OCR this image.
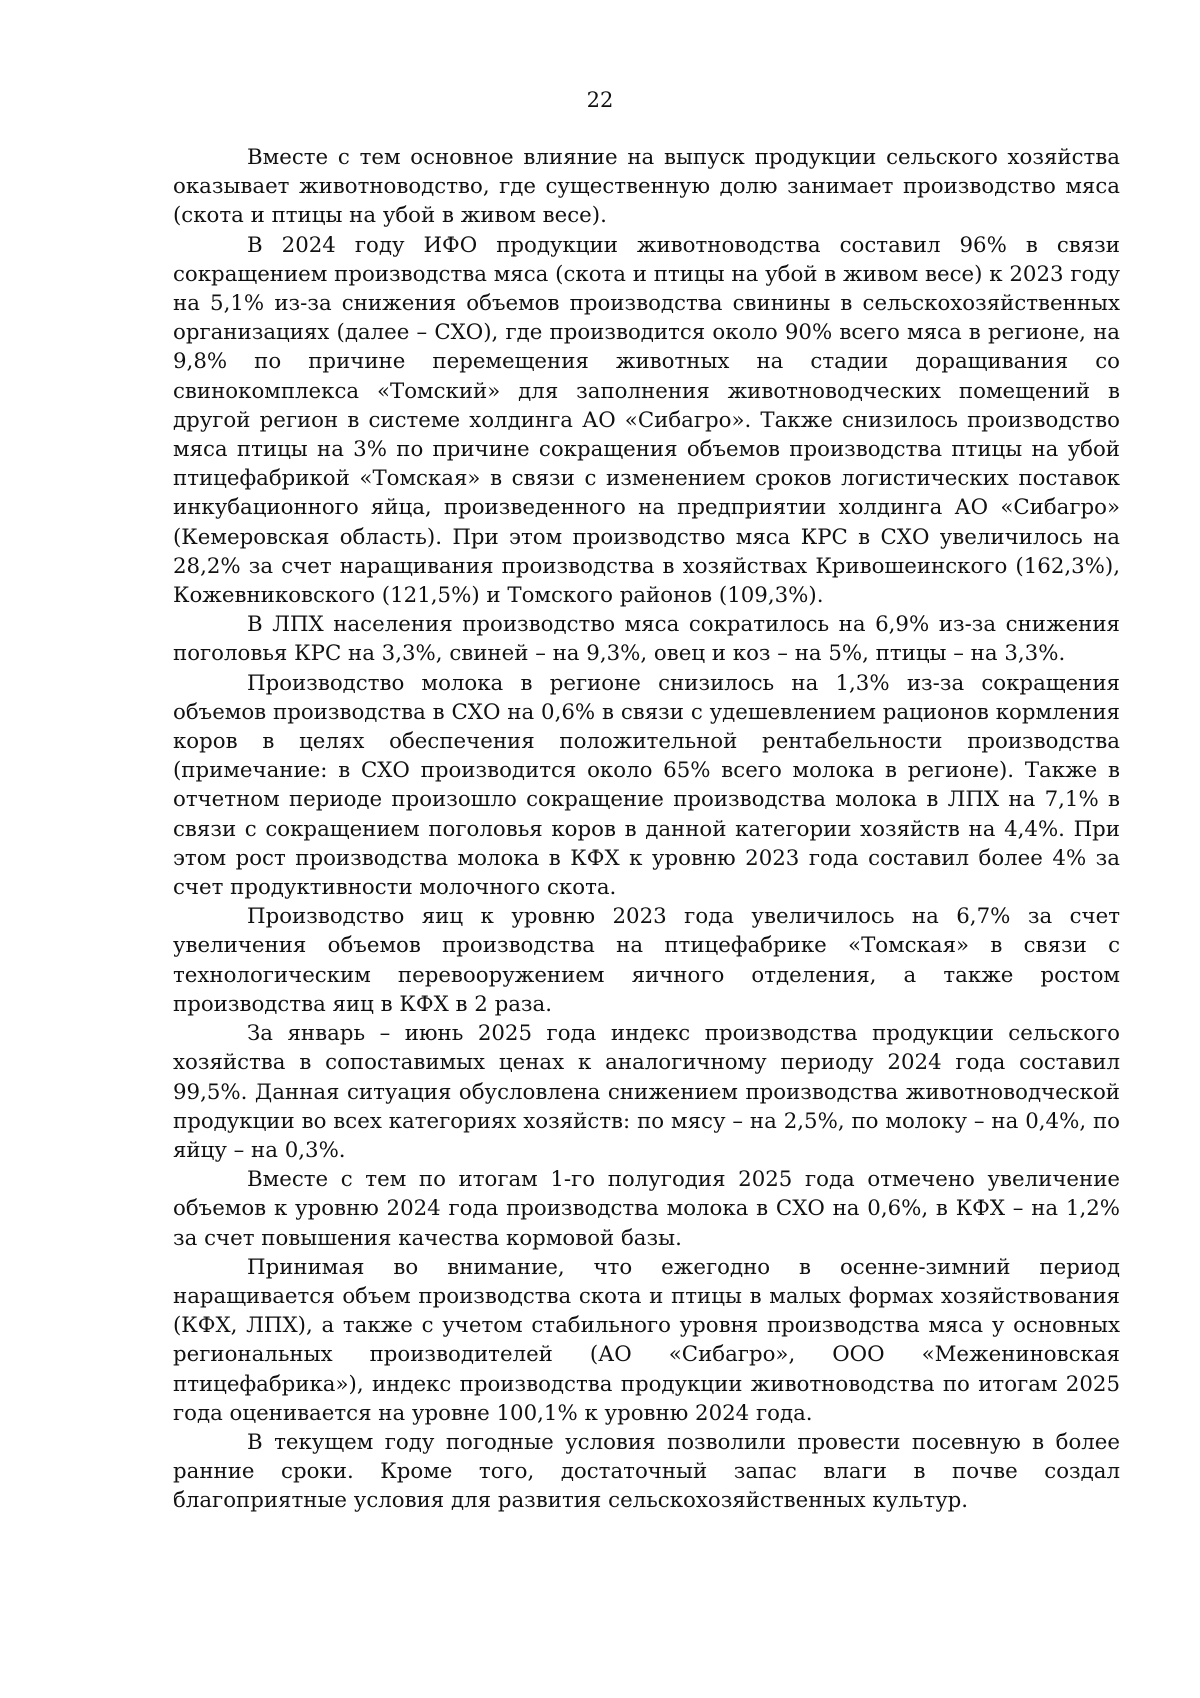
22

Вместе с тем основное влияние на выпуск продукции сельского хозяйства оказывает животноводство, где существенную долю занимает производство мяса (скота и птицы на убой в живом весе).

В 2024 году ИФО продукции животноводства составил 96% в связи сокращением производства мяса (скота и птицы на убой в живом весе) к 2023 году на 5,1% из-за снижения объемов производства свинины в сельскохозяйственных организациях (далее – СХО), где производится около 90% всего мяса в регионе, на 9,8% по причине перемещения животных на стадии доращивания со свинокомплекса «Томский» для заполнения животноводческих помещений в другой регион в системе холдинга АО «Сибагро». Также снизилось производство мяса птицы на 3% по причине сокращения объемов производства птицы на убой птицефабрикой «Томская» в связи с изменением сроков логистических поставок инкубационного яйца, произведенного на предприятии холдинга АО «Сибагро» (Кемеровская область). При этом производство мяса КРС в СХО увеличилось на 28,2% за счет наращивания производства в хозяйствах Кривошеинского (162,3%), Кожевниковского (121,5%) и Томского районов (109,3%).

В ЛПХ населения производство мяса сократилось на 6,9% из-за снижения поголовья КРС на 3,3%, свиней – на 9,3%, овец и коз – на 5%, птицы – на 3,3%.

Производство молока в регионе снизилось на 1,3% из-за сокращения объемов производства в СХО на 0,6% в связи с удешевлением рационов кормления коров в целях обеспечения положительной рентабельности производства (примечание: в СХО производится около 65% всего молока в регионе). Также в отчетном периоде произошло сокращение производства молока в ЛПХ на 7,1% в связи с сокращением поголовья коров в данной категории хозяйств на 4,4%. При этом рост производства молока в КФХ к уровню 2023 года составил более 4% за счет продуктивности молочного скота.

Производство яиц к уровню 2023 года увеличилось на 6,7% за счет увеличения объемов производства на птицефабрике «Томская» в связи с технологическим перевооружением яичного отделения, а также ростом производства яиц в КФХ в 2 раза.

За январь – июнь 2025 года индекс производства продукции сельского хозяйства в сопоставимых ценах к аналогичному периоду 2024 года составил 99,5%. Данная ситуация обусловлена снижением производства животноводческой продукции во всех категориях хозяйств: по мясу – на 2,5%, по молоку – на 0,4%, по яйцу – на 0,3%.

Вместе с тем по итогам 1-го полугодия 2025 года отмечено увеличение объемов к уровню 2024 года производства молока в СХО на 0,6%, в КФХ – на 1,2% за счет повышения качества кормовой базы.

Принимая во внимание, что ежегодно в осенне-зимний период наращивается объем производства скота и птицы в малых формах хозяйствования (КФХ, ЛПХ), а также с учетом стабильного уровня производства мяса у основных региональных производителей (АО «Сибагро», ООО «Межениновская птицефабрика»), индекс производства продукции животноводства по итогам 2025 года оценивается на уровне 100,1% к уровню 2024 года.

В текущем году погодные условия позволили провести посевную в более ранние сроки. Кроме того, достаточный запас влаги в почве создал благоприятные условия для развития сельскохозяйственных культур.
